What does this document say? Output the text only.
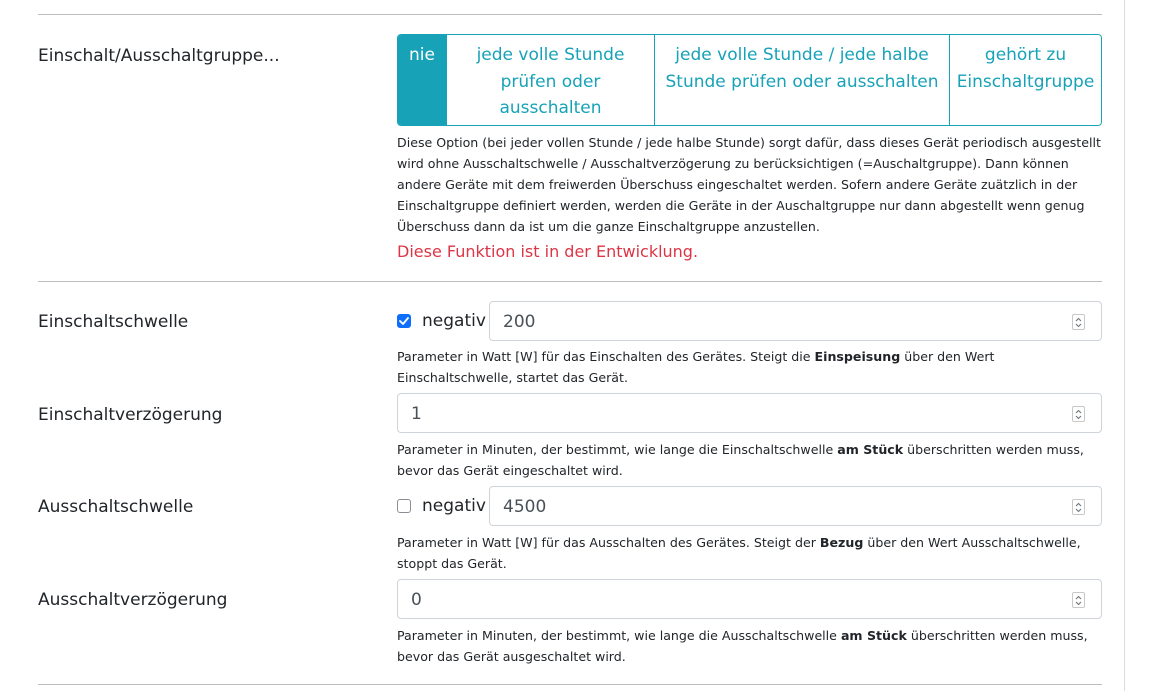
Einschalt/Ausschaltgruppe...	nie	jede volle Stunde prüfen oder ausschalten
jede volle Stunde / jede halbe Stunde prüfen oder ausschalten
gehört zu Einschaltgruppe
Diese Option (bei jeder vollen Stunde / jede halbe Stunde) sorgt dafür, dass dieses Gerät periodisch ausgestellt wird ohne Ausschaltschwelle / Ausschaltverzögerung zu berücksichtigen (=Auschaltgruppe). Dann können andere Geräte mit dem freiwerden Überschuss eingeschaltet werden. Sofern andere Geräte zuätzlich in der Einschaltgruppe definiert werden, werden die Geräte in der Auschaltgruppe nur dann abgestellt wenn genug Überschuss dann da ist um die ganze Einschaltgruppe anzustellen.
Diese Funktion ist in der Entwicklung.
Einschaltschwelle	negativ 200
Parameter in Watt [W] für das Einschalten des Gerätes. Steigt die Einspeisung über den Wert Einschaltschwelle, startet das Gerät.
Einschaltverzögerung	1
Parameter in Minuten, der bestimmt, wie lange die Einschaltschwelle am Stück überschritten werden muss, bevor das Gerät eingeschaltet wird.
Ausschaltschwelle	negativ 4500
Parameter in Watt [W] für das Ausschalten des Gerätes. Steigt der Bezug über den Wert Ausschaltschwelle, stoppt das Gerät.
Ausschaltverzögerung	0
Parameter in Minuten, der bestimmt, wie lange die Ausschaltschwelle am Stück überschritten werden muss, bevor das Gerät ausgeschaltet wird.
